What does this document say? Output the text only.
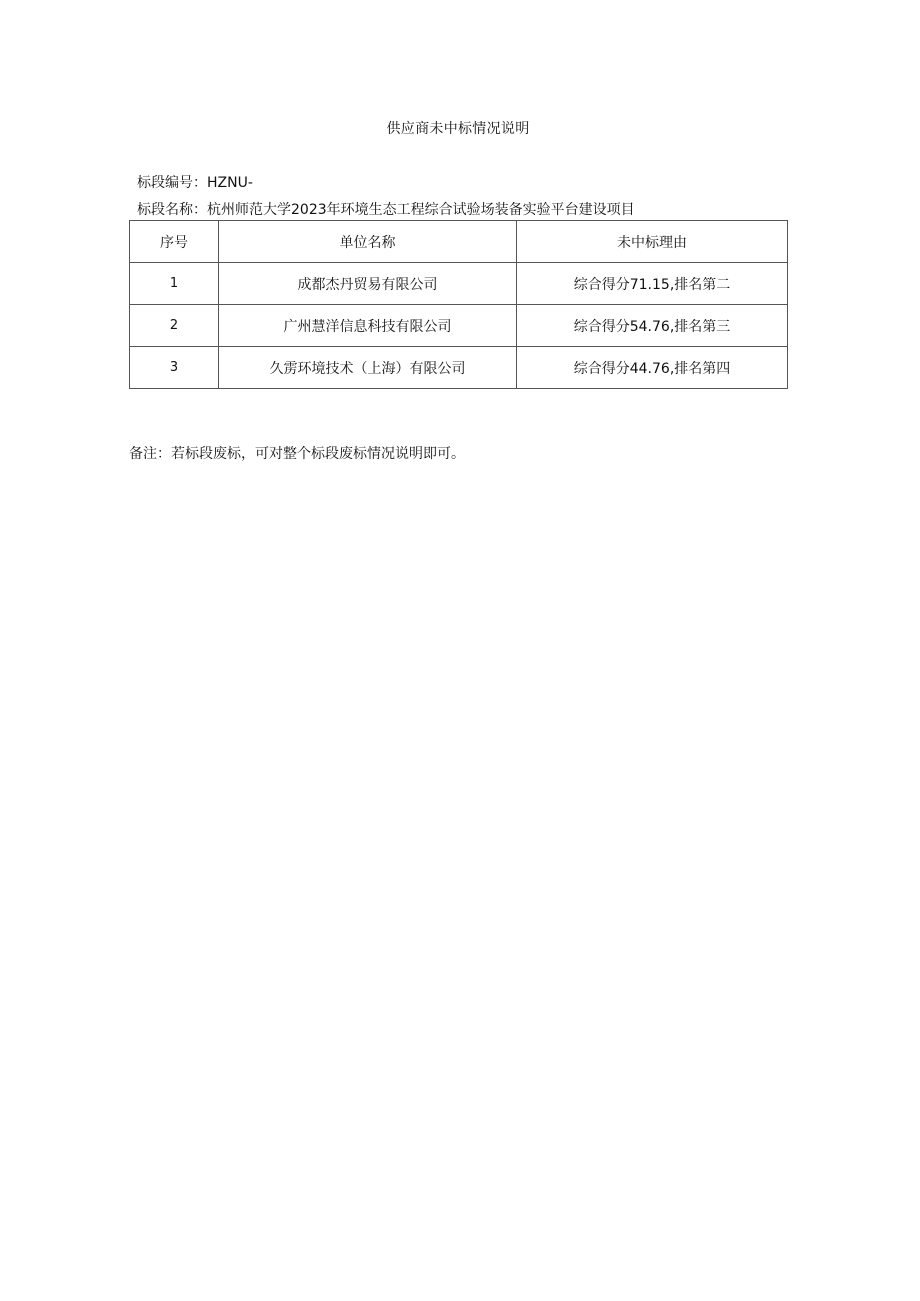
供应商未中标情况说明
标段编号：HZNU-
标段名称：杭州师范大学2023年环境生态工程综合试验场装备实验平台建设项目
序号	单位名称	未中标理由
1	成都杰丹贸易有限公司	综合得分71.15,排名第二
2	广州慧洋信息科技有限公司	综合得分54.76,排名第三
3	久雳环境技术（上海）有限公司	综合得分44.76,排名第四
备注：若标段废标，可对整个标段废标情况说明即可。
